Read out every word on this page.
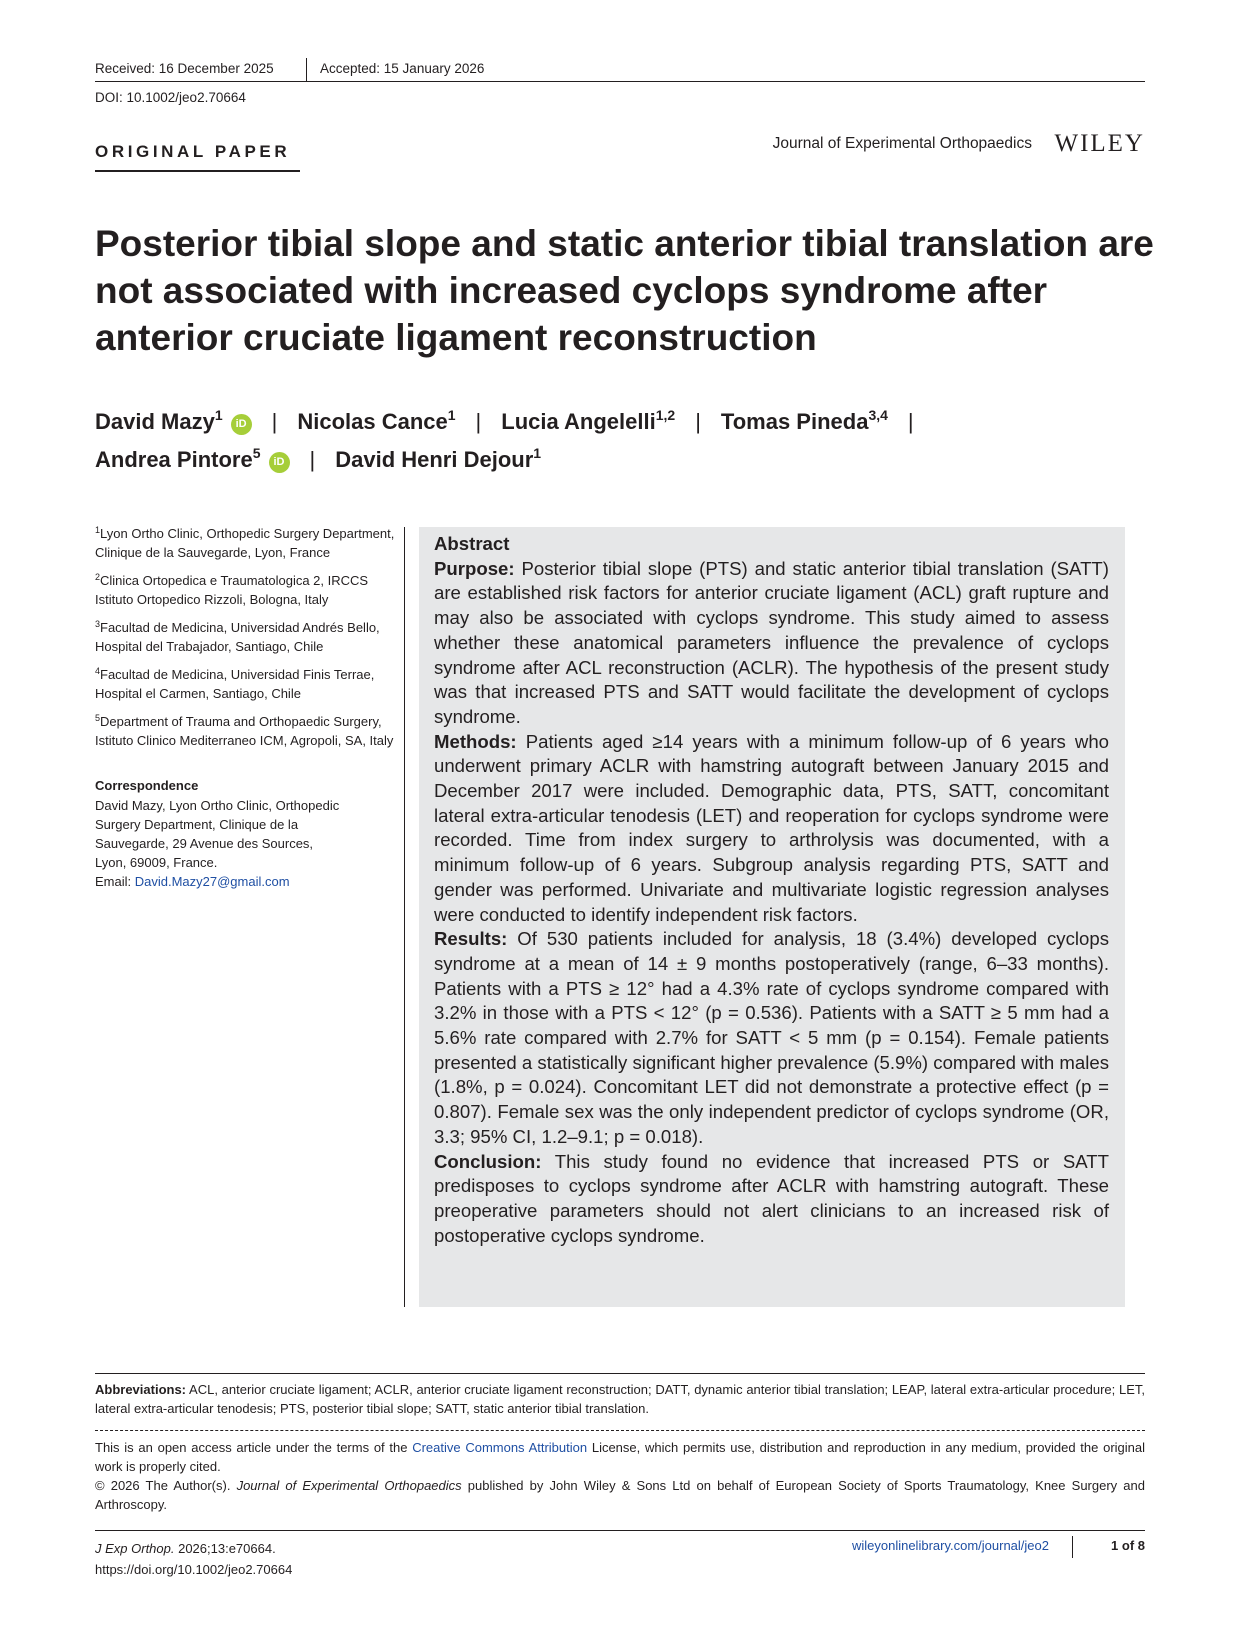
Received: 16 December 2025	Accepted: 15 January 2026
DOI: 10.1002/jeo2.70664
ORIGINAL PAPER	Journal of Experimental Orthopaedics WILEY
Posterior tibial slope and static anterior tibial translation are not associated with increased cyclops syndrome after anterior cruciate ligament reconstruction
David Mazy$^1$iD | Nicolas Cance$^1$ | Lucia Angelelli$^{1,2}$ | Tomas Pineda$^{3,4}$ |
Andrea Pintore$^5$iD | David Henri Dejour$^1$

$^1$Lyon Ortho Clinic, Orthopedic Surgery Department, Clinique de la Sauvegarde, Lyon, France

$^2$Clinica Ortopedica e Traumatologica 2, IRCCS Istituto Ortopedico Rizzoli, Bologna, Italy

$^3$Facultad de Medicina, Universidad Andrés Bello, Hospital del Trabajador, Santiago, Chile

$^4$Facultad de Medicina, Universidad Finis Terrae, Hospital el Carmen, Santiago, Chile

$^5$Department of Trauma and Orthopaedic Surgery, Istituto Clinico Mediterraneo ICM, Agropoli, SA, Italy

Correspondence

David Mazy, Lyon Ortho Clinic, Orthopedic

Surgery Department, Clinique de la

Sauvegarde, 29 Avenue des Sources,

Lyon, 69009, France.

Email: David.Mazy27@gmail.com

Abstract

Purpose: Posterior tibial slope (PTS) and static anterior tibial translation (SATT) are established risk factors for anterior cruciate ligament (ACL) graft rupture and may also be associated with cyclops syndrome. This study aimed to assess whether these anatomical parameters influence the prevalence of cyclops syndrome after ACL reconstruction (ACLR). The hypothesis of the present study was that increased PTS and SATT would facilitate the development of cyclops syndrome.

Methods: Patients aged ≥14 years with a minimum follow-up of 6 years who underwent primary ACLR with hamstring autograft between January 2015 and December 2017 were included. Demographic data, PTS, SATT, concomitant lateral extra-articular tenodesis (LET) and reoperation for cyclops syndrome were recorded. Time from index surgery to arthrolysis was documented, with a minimum follow-up of 6 years. Subgroup analysis regarding PTS, SATT and gender was performed. Univariate and multivariate logistic regression analyses were conducted to identify independent risk factors.

Results: Of 530 patients included for analysis, 18 (3.4%) developed cyclops syndrome at a mean of 14 ± 9 months postoperatively (range, 6–33 months). Patients with a PTS ≥ 12° had a 4.3% rate of cyclops syndrome compared with 3.2% in those with a PTS < 12° (p = 0.536). Patients with a SATT ≥ 5 mm had a 5.6% rate compared with 2.7% for SATT < 5 mm (p = 0.154). Female patients presented a statistically significant higher prevalence (5.9%) compared with males (1.8%, p = 0.024). Concomitant LET did not demonstrate a protective effect (p = 0.807). Female sex was the only independent predictor of cyclops syndrome (OR, 3.3; 95% CI, 1.2–9.1; p = 0.018).

Conclusion: This study found no evidence that increased PTS or SATT predisposes to cyclops syndrome after ACLR with hamstring autograft. These preoperative parameters should not alert clinicians to an increased risk of postoperative cyclops syndrome.

Abbreviations: ACL, anterior cruciate ligament; ACLR, anterior cruciate ligament reconstruction; DATT, dynamic anterior tibial translation; LEAP, lateral extra-articular procedure; LET, lateral extra-articular tenodesis; PTS, posterior tibial slope; SATT, static anterior tibial translation.

This is an open access article under the terms of the Creative Commons Attribution License, which permits use, distribution and reproduction in any medium, provided the original work is properly cited.

© 2026 The Author(s). Journal of Experimental Orthopaedics published by John Wiley & Sons Ltd on behalf of European Society of Sports Traumatology, Knee Surgery and Arthroscopy.

J Exp Orthop. 2026;13:e70664.
https://doi.org/10.1002/jeo2.70664
wileyonlinelibrary.com/journal/jeo2	1 of 8
